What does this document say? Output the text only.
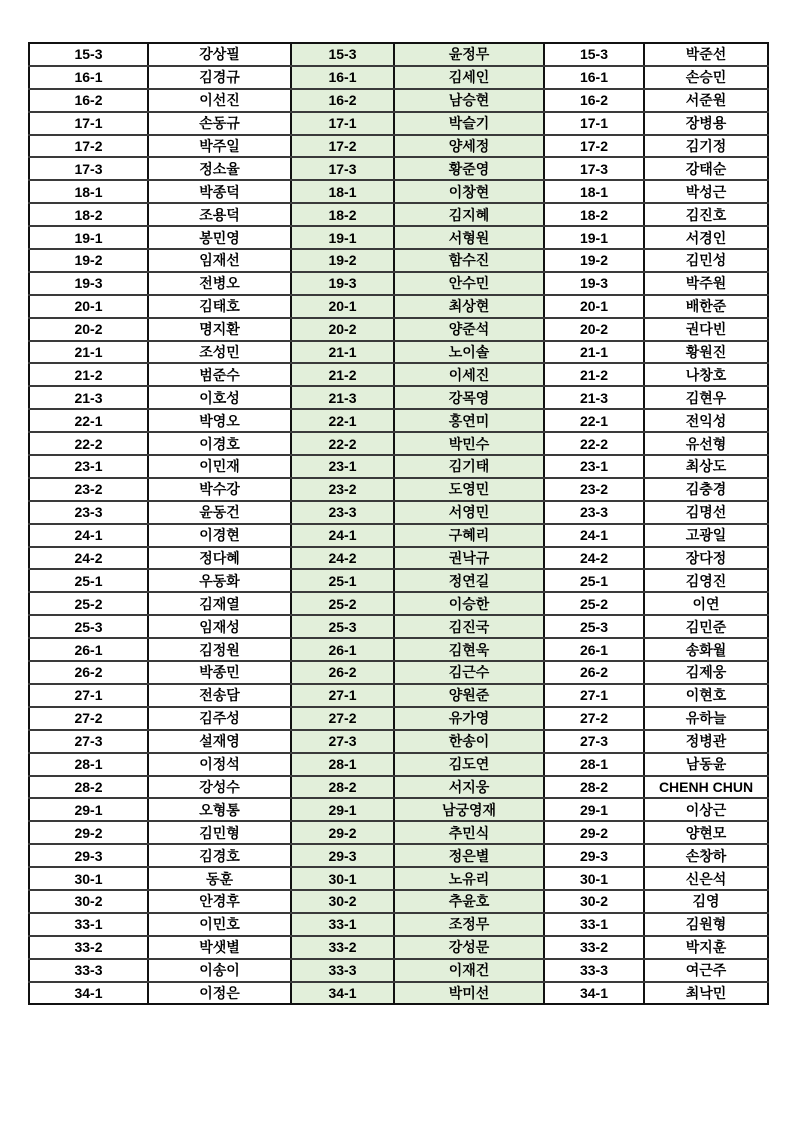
15-3	강상필	15-3	윤정무	15-3	박준선
16-1	김경규	16-1	김세인	16-1	손승민
16-2	이선진	16-2	남승현	16-2	서준원
17-1	손동규	17-1	박슬기	17-1	장병용
17-2	박주일	17-2	양세정	17-2	김기정
17-3	정소율	17-3	황준영	17-3	강태순
18-1	박종덕	18-1	이창현	18-1	박성근
18-2	조용덕	18-2	김지혜	18-2	김진호
19-1	봉민영	19-1	서형원	19-1	서경인
19-2	임재선	19-2	함수진	19-2	김민성
19-3	전병오	19-3	안수민	19-3	박주원
20-1	김태호	20-1	최상현	20-1	배한준
20-2	명지환	20-2	양준석	20-2	권다빈
21-1	조성민	21-1	노이솔	21-1	황원진
21-2	범준수	21-2	이세진	21-2	나창호
21-3	이호성	21-3	강목영	21-3	김현우
22-1	박영오	22-1	홍연미	22-1	전익성
22-2	이경호	22-2	박민수	22-2	유선형
23-1	이민재	23-1	김기태	23-1	최상도
23-2	박수강	23-2	도영민	23-2	김충경
23-3	윤동건	23-3	서영민	23-3	김명선
24-1	이경현	24-1	구혜리	24-1	고광일
24-2	정다혜	24-2	권낙규	24-2	장다정
25-1	우동화	25-1	정연길	25-1	김영진
25-2	김재열	25-2	이승한	25-2	이연
25-3	임재성	25-3	김진국	25-3	김민준
26-1	김정원	26-1	김현욱	26-1	송화월
26-2	박종민	26-2	김근수	26-2	김제웅
27-1	전송담	27-1	양원준	27-1	이현호
27-2	김주성	27-2	유가영	27-2	유하늘
27-3	설재영	27-3	한송이	27-3	정병관
28-1	이정석	28-1	김도연	28-1	남동윤
28-2	강성수	28-2	서지웅	28-2	CHENH CHUN
29-1	오형통	29-1	남궁영재	29-1	이상근
29-2	김민형	29-2	추민식	29-2	양현모
29-3	김경호	29-3	정은별	29-3	손창하
30-1	동훈	30-1	노유리	30-1	신은석
30-2	안경후	30-2	추윤호	30-2	김영
33-1	이민호	33-1	조정무	33-1	김원형
33-2	박샛별	33-2	강성문	33-2	박지훈
33-3	이송이	33-3	이재건	33-3	여근주
34-1	이정은	34-1	박미선	34-1	최낙민
